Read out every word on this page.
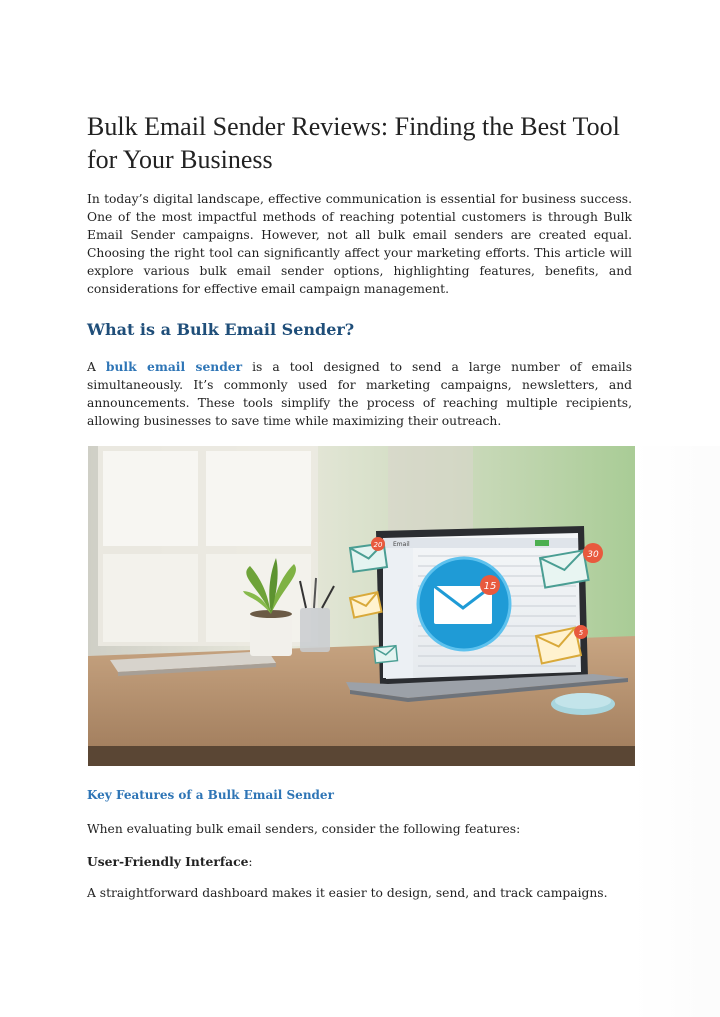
Bulk Email Sender Reviews: Finding the Best Tool for Your Business

In today’s digital landscape, effective communication is essential for business success. One of the most impactful methods of reaching potential customers is through Bulk Email Sender campaigns. However, not all bulk email senders are created equal. Choosing the right tool can significantly affect your marketing efforts. This article will explore various bulk email sender options, highlighting features, benefits, and considerations for effective email campaign management.

What is a Bulk Email Sender?

A bulk email sender is a tool designed to send a large number of emails simultaneously. It’s commonly used for marketing campaigns, newsletters, and announcements. These tools simplify the process of reaching multiple recipients, allowing businesses to save time while maximizing their outreach.

Key Features of a Bulk Email Sender

When evaluating bulk email senders, consider the following features:

User-Friendly Interface:

A straightforward dashboard makes it easier to design, send, and track campaigns.

Email
15
20
30
5
